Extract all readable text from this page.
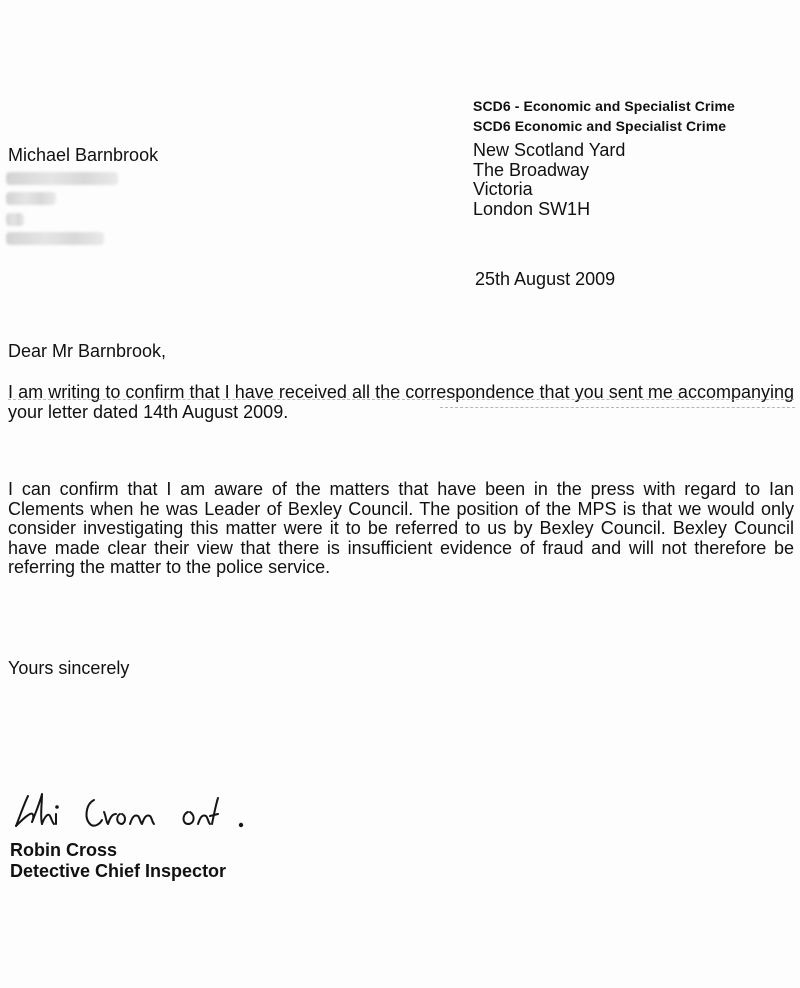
SCD6 - Economic and Specialist Crime
SCD6 Economic and Specialist Crime
New Scotland Yard
The Broadway
Victoria
London SW1H
Michael Barnbrook
25th August 2009
Dear Mr Barnbrook,
I am writing to confirm that I have received all the correspondence that you sent me accompanying your letter dated 14th August 2009.
I can confirm that I am aware of the matters that have been in the press with regard to Ian Clements when he was Leader of Bexley Council. The position of the MPS is that we would only consider investigating this matter were it to be referred to us by Bexley Council. Bexley Council have made clear their view that there is insufficient evidence of fraud and will not therefore be referring the matter to the police service.
Yours sincerely
Robin Cross
Detective Chief Inspector
